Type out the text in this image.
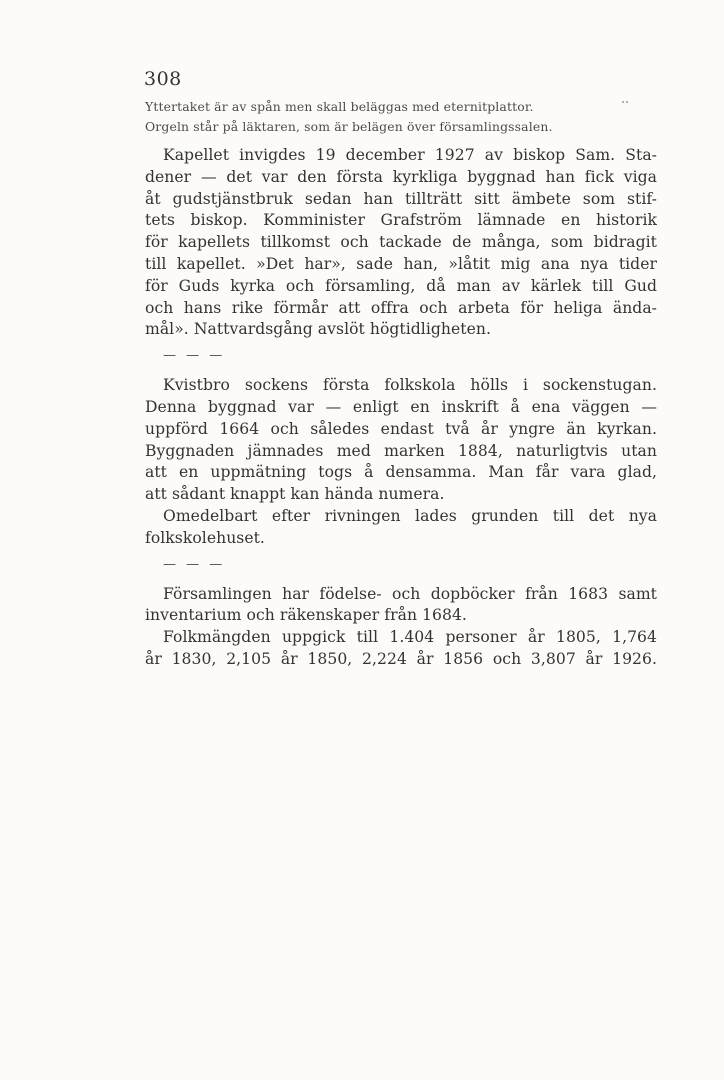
308
Yttertaket är av spån men skall beläggas med eternitplattor.
Orgeln står på läktaren, som är belägen över församlingssalen.
Kapellet invigdes 19 december 1927 av biskop Sam. Sta-
dener — det var den första kyrkliga byggnad han fick viga
åt gudstjänstbruk sedan han tillträtt sitt ämbete som stif-
tets biskop. Komminister Grafström lämnade en historik
för kapellets tillkomst och tackade de många, som bidragit
till kapellet. »Det har», sade han, »låtit mig ana nya tider
för Guds kyrka och församling, då man av kärlek till Gud
och hans rike förmår att offra och arbeta för heliga ända-
mål». Nattvardsgång avslöt högtidligheten.
— — —
Kvistbro sockens första folkskola hölls i sockenstugan.
Denna byggnad var — enligt en inskrift å ena väggen —
uppförd 1664 och således endast två år yngre än kyrkan.
Byggnaden jämnades med marken 1884, naturligtvis utan
att en uppmätning togs å densamma. Man får vara glad,
att sådant knappt kan hända numera.
Omedelbart efter rivningen lades grunden till det nya
folkskolehuset.
— — —
Församlingen har födelse- och dopböcker från 1683 samt
inventarium och räkenskaper från 1684.
Folkmängden uppgick till 1.404 personer år 1805, 1,764
år 1830, 2,105 år 1850, 2,224 år 1856 och 3,807 år 1926.
